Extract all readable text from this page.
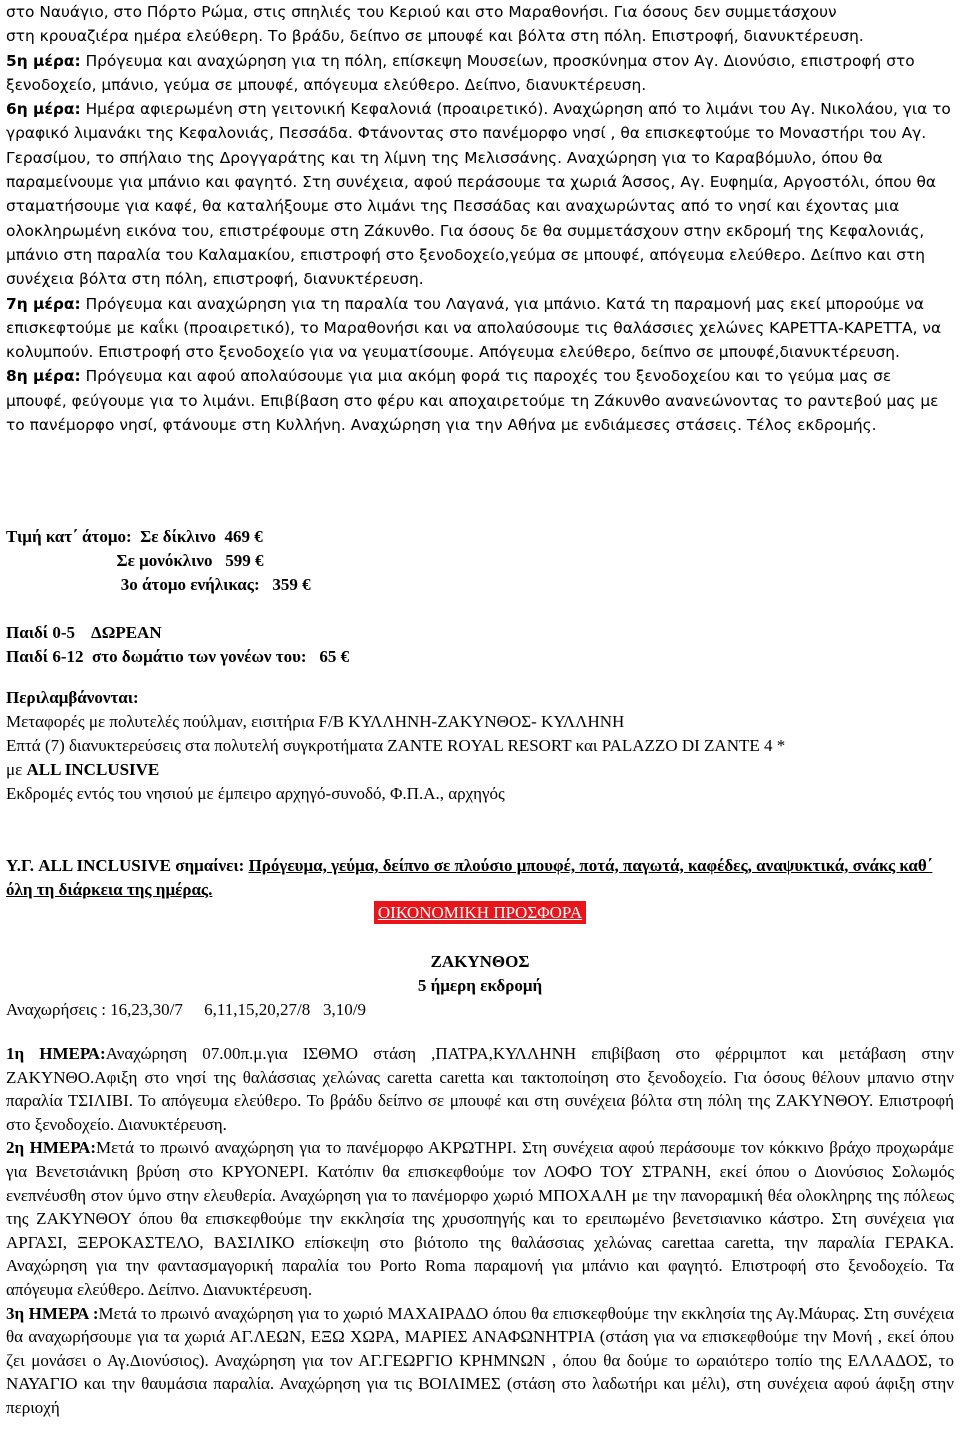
στο Ναυάγιο, στο Πόρτο Ρώμα, στις σπηλιές του Κεριού και στο Μαραθονήσι. Για όσους δεν συμμετάσχουν

στη κρουαζιέρα ημέρα ελεύθερη. Το βράδυ, δείπνο σε μπουφέ και βόλτα στη πόλη. Επιστροφή, διανυκτέρευση.

5η μέρα: Πρόγευμα και αναχώρηση για τη πόλη, επίσκεψη Μουσείων, προσκύνημα στον Αγ. Διονύσιο, επιστροφή στο ξενοδοχείο, μπάνιο, γεύμα σε μπουφέ, απόγευμα ελεύθερο. Δείπνο, διανυκτέρευση.

6η μέρα: Ημέρα αφιερωμένη στη γειτονική Κεφαλονιά (προαιρετικό). Αναχώρηση από το λιμάνι του Αγ. Νικολάου, για το γραφικό λιμανάκι της Κεφαλονιάς, Πεσσάδα. Φτάνοντας στο πανέμορφο νησί , θα επισκεφτούμε το Μοναστήρι του Αγ. Γερασίμου, το σπήλαιο της Δρογγαράτης και τη λίμνη της Μελισσάνης. Αναχώρηση για το Καραβόμυλο, όπου θα παραμείνουμε για μπάνιο και φαγητό. Στη συνέχεια, αφού περάσουμε τα χωριά Άσσος, Αγ. Ευφημία, Αργοστόλι, όπου θα σταματήσουμε για καφέ, θα καταλήξουμε στο λιμάνι της Πεσσάδας και αναχωρώντας από το νησί και έχοντας μια ολοκληρωμένη εικόνα του, επιστρέφουμε στη Ζάκυνθο. Για όσους δε θα συμμετάσχουν στην εκδρομή της Κεφαλονιάς, μπάνιο στη παραλία του Καλαμακίου, επιστροφή στο ξενοδοχείο,γεύμα σε μπουφέ, απόγευμα ελεύθερο. Δείπνο και στη συνέχεια βόλτα στη πόλη, επιστροφή, διανυκτέρευση.

7η μέρα: Πρόγευμα και αναχώρηση για τη παραλία του Λαγανά, για μπάνιο. Κατά τη παραμονή μας εκεί μπορούμε να επισκεφτούμε με καΐκι (προαιρετικό), το Μαραθονήσι και να απολαύσουμε τις θαλάσσιες χελώνες ΚΑΡΕΤΤΑ-ΚΑΡΕΤΤΑ, να κολυμπούν. Επιστροφή στο ξενοδοχείο για να γευματίσουμε. Απόγευμα ελεύθερο, δείπνο σε μπουφέ,διανυκτέρευση.

8η μέρα: Πρόγευμα και αφού απολαύσουμε για μια ακόμη φορά τις παροχές του ξενοδοχείου και το γεύμα μας σε μπουφέ, φεύγουμε για το λιμάνι. Επιβίβαση στο φέρυ και αποχαιρετούμε τη Ζάκυνθο ανανεώνοντας το ραντεβού μας με το πανέμορφο νησί, φτάνουμε στη Κυλλήνη. Αναχώρηση για την Αθήνα με ενδιάμεσες στάσεις. Τέλος εκδρομής.

Τιμή κατ΄ άτομο:  Σε δίκλινο  469 €
Σε μονόκλινο   599 €
3ο άτομο ενήλικας:   359 €
Παιδί 0-5    ΔΩΡΕΑΝ
Παιδί 6-12  στο δωμάτιο των γονέων του:   65 €
Περιλαμβάνονται:
Μεταφορές με πολυτελές πούλμαν, εισιτήρια F/B ΚΥΛΛΗΝΗ-ΖΑΚΥΝΘΟΣ- ΚΥΛΛΗΝΗ
Επτά (7) διανυκτερεύσεις στα πολυτελή συγκροτήματα ZANTE ROYAL RESORT και PALAZZO DI ZANTE 4 *
με ALL INCLUSIVE
Εκδρομές εντός του νησιού με έμπειρο αρχηγό-συνοδό, Φ.Π.Α., αρχηγός
Υ.Γ. ALL INCLUSIVE σημαίνει: Πρόγευμα, γεύμα, δείπνο σε πλούσιο μπουφέ, ποτά, παγωτά, καφέδες, αναψυκτικά, σνάκς καθ΄ όλη τη διάρκεια της ημέρας.
ΟΙΚΟΝΟΜΙΚΗ ΠΡΟΣΦΟΡΑ
ΖΑΚΥΝΘΟΣ
5 ήμερη εκδρομή
Αναχωρήσεις : 16,23,30/7     6,11,15,20,27/8   3,10/9

1η ΗΜΕΡΑ:Αναχώρηση 07.00π.μ.για ΙΣΘΜΟ στάση ,ΠΑΤΡΑ,ΚΥΛΛΗΝΗ επιβίβαση στο φέρριμποτ και μετάβαση στην ΖΑΚΥΝΘΟ.Αφιξη στο νησί της θαλάσσιας χελώνας caretta caretta και τακτοποίηση στο ξενοδοχείο. Για όσους θέλουν μπανιο στην παραλία ΤΣΙΛΙΒΙ. Το απόγευμα ελεύθερο. Το βράδυ δείπνο σε μπουφέ και στη συνέχεια βόλτα στη πόλη της ΖΑΚΥΝΘΟΥ. Επιστροφή στο ξενοδοχείο. Διανυκτέρευση.

2η ΗΜΕΡΑ:Μετά το πρωινό αναχώρηση για το πανέμορφο ΑΚΡΩΤΗΡΙ. Στη συνέχεια αφού περάσουμε τον κόκκινο βράχο προχωράμε για Βενετσιάνικη βρύση στο ΚΡΥΟΝΕΡΙ. Κατόπιν θα επισκεφθούμε τον ΛΟΦΟ ΤΟΥ ΣΤΡΑΝΗ, εκεί όπου ο Διονύσιος Σολωμός ενεπνέυσθη στον ύμνο στην ελευθερία. Αναχώρηση για το πανέμορφο χωριό ΜΠΟΧΑΛΗ με την πανοραμική θέα ολοκληρης της πόλεως της ΖΑΚΥΝΘΟΥ όπου θα επισκεφθούμε την εκκλησία της χρυσοπηγής και το ερειπωμένο βενετσιανικο κάστρο. Στη συνέχεια για ΑΡΓΑΣΙ, ΞΕΡΟΚΑΣΤΕΛΟ, ΒΑΣΙΛΙΚΟ επίσκεψη στο βιότοπο της θαλάσσιας χελώνας carettaa caretta, την παραλία ΓΕΡΑΚΑ. Αναχώρηση για την φαντασμαγορική παραλία του Porto Roma παραμονή για μπάνιο και φαγητό. Επιστροφή στο ξενοδοχείο. Τα απόγευμα ελεύθερο. Δείπνο. Διανυκτέρευση.

3η ΗΜΕΡΑ :Μετά το πρωινό αναχώρηση για το χωριό ΜΑΧΑΙΡΑΔΟ όπου θα επισκεφθούμε την εκκλησία της Αγ.Μάυρας. Στη συνέχεια θα αναχωρήσουμε για τα χωριά ΑΓ.ΛΕΩΝ, ΕΞΩ ΧΩΡΑ, ΜΑΡΙΕΣ ΑΝΑΦΩΝΗΤΡΙΑ (στάση για να επισκεφθούμε την Μονή , εκεί όπου ζει μονάσει ο Αγ.Διονύσιος). Αναχώρηση για τον ΑΓ.ΓΕΩΡΓΙΟ ΚΡΗΜΝΩΝ , όπου θα δούμε το ωραιότερο τοπίο της ΕΛΛΑΔΟΣ, το ΝΑΥΑΓΙΟ και την θαυμάσια παραλία. Αναχώρηση για τις ΒΟΙΛΙΜΕΣ (στάση στο λαδωτήρι και μέλι), στη συνέχεια αφού άφιξη στην περιοχή
